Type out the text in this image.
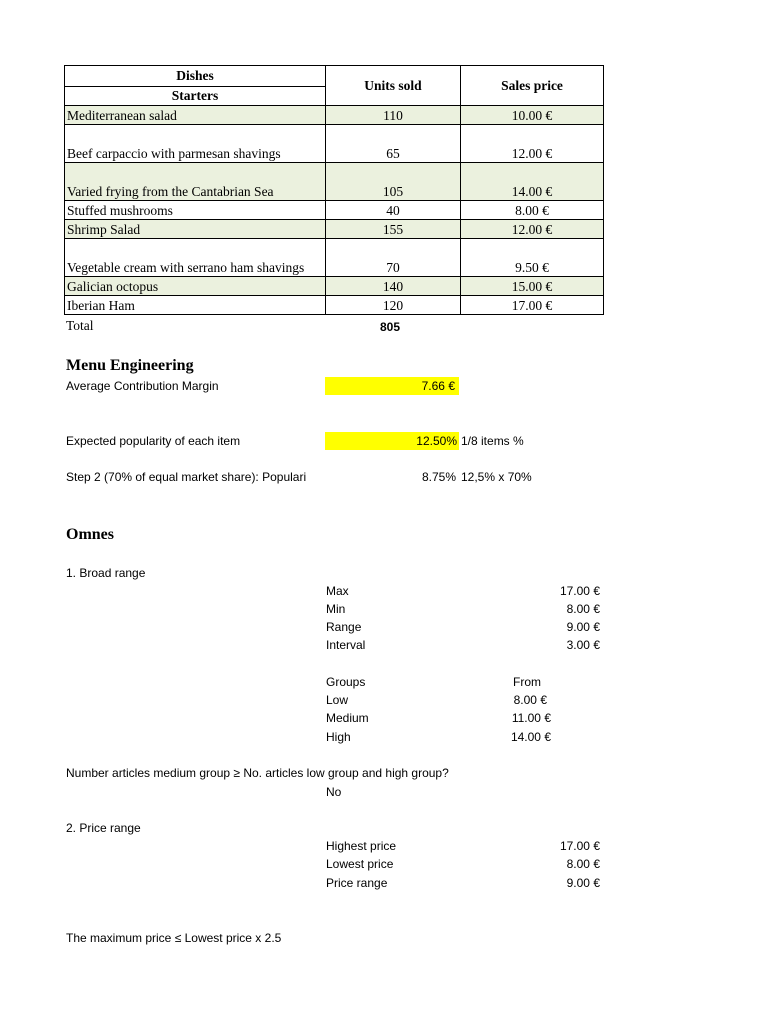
Dishes	Units sold	Sales price
Starters		
Mediterranean salad	110	10.00 €
Beef carpaccio with parmesan shavings	65	12.00 €
Varied frying from the Cantabrian Sea	105	14.00 €
Stuffed mushrooms	40	8.00 €
Shrimp Salad	155	12.00 €
Vegetable cream with serrano ham shavings	70	9.50 €
Galician octopus	140	15.00 €
Iberian Ham	120	17.00 €
Total	805
Menu Engineering
Average Contribution Margin	7.66 €
Expected popularity of each item	12.50% 1/8 items %
Step 2 (70% of equal market share): Populari	8.75% 12,5% x 70%
Omnes
1. Broad range
Max	17.00 €
Min	8.00 €
Range	9.00 €
Interval	3.00 €
Groups	From
Low	8.00 €
Medium	11.00 €
High	14.00 €
Number articles medium group ≥ No. articles low group and high group?
No
2. Price range
Highest price	17.00 €
Lowest price	8.00 €
Price range	9.00 €
The maximum price ≤ Lowest price x 2.5
